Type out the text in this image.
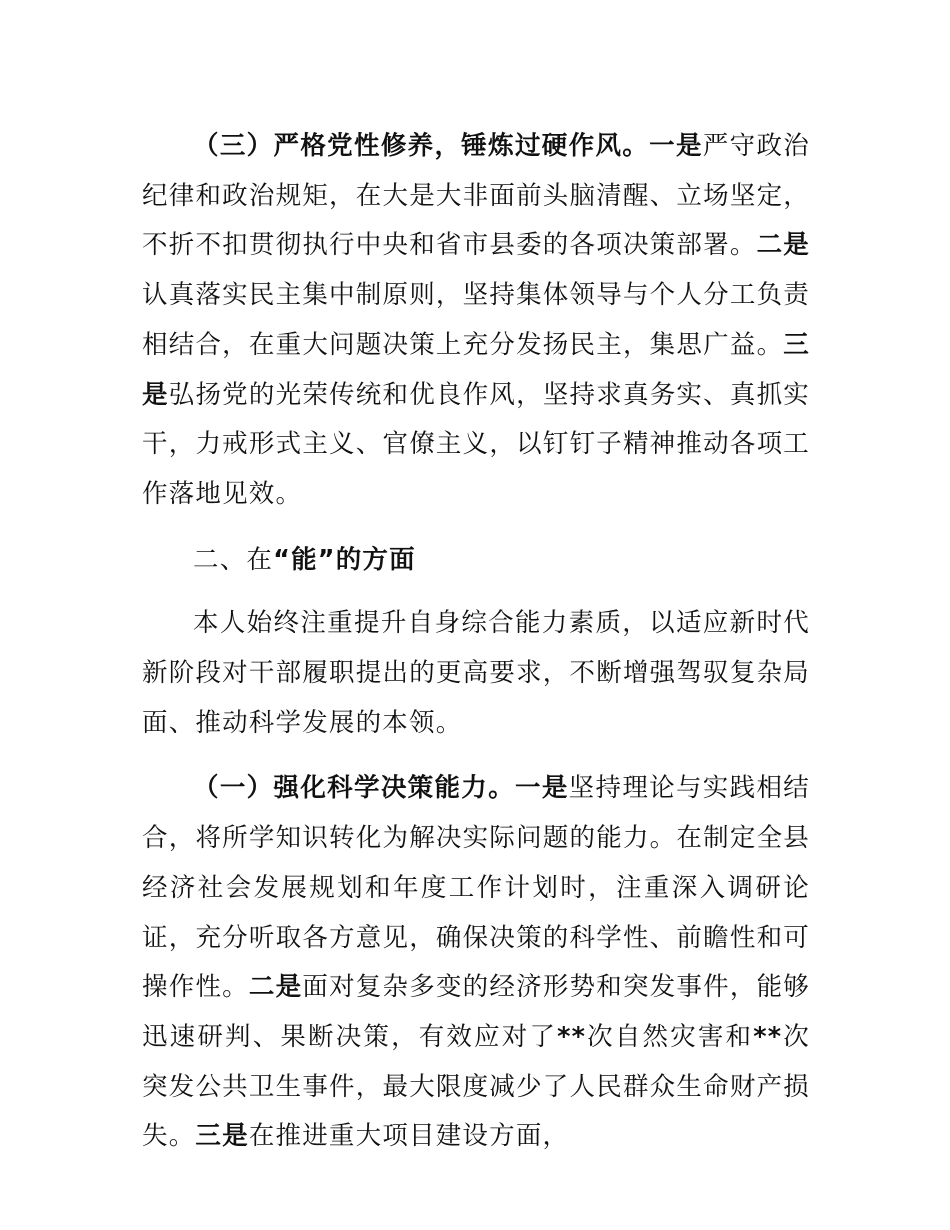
（三）严格党性修养，锤炼过硬作风。一是严守政治纪律和政治规矩，在大是大非面前头脑清醒、立场坚定，不折不扣贯彻执行中央和省市县委的各项决策部署。二是认真落实民主集中制原则，坚持集体领导与个人分工负责相结合，在重大问题决策上充分发扬民主，集思广益。三是弘扬党的光荣传统和优良作风，坚持求真务实、真抓实干，力戒形式主义、官僚主义，以钉钉子精神推动各项工作落地见效。

二、在“能”的方面

本人始终注重提升自身综合能力素质，以适应新时代新阶段对干部履职提出的更高要求，不断增强驾驭复杂局面、推动科学发展的本领。

（一）强化科学决策能力。一是坚持理论与实践相结合，将所学知识转化为解决实际问题的能力。在制定全县经济社会发展规划和年度工作计划时，注重深入调研论证，充分听取各方意见，确保决策的科学性、前瞻性和可操作性。二是面对复杂多变的经济形势和突发事件，能够迅速研判、果断决策，有效应对了**次自然灾害和**次突发公共卫生事件，最大限度减少了人民群众生命财产损失。三是在推进重大项目建设方面，
